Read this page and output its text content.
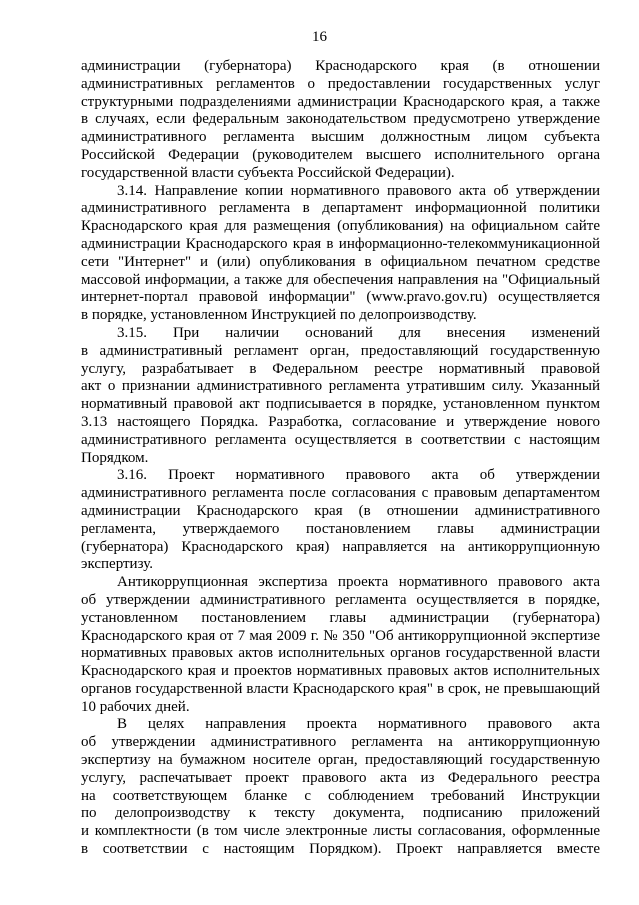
16
администрации (губернатора) Краснодарского края (в отношении
административных регламентов о предоставлении государственных услуг
структурными подразделениями администрации Краснодарского края, а также
в случаях, если федеральным законодательством предусмотрено утверждение
административного регламента высшим должностным лицом субъекта
Российской Федерации (руководителем высшего исполнительного органа
государственной власти субъекта Российской Федерации).
3.14. Направление копии нормативного правового акта об утверждении
административного регламента в департамент информационной политики
Краснодарского края для размещения (опубликования) на официальном сайте
администрации Краснодарского края в информационно-телекоммуникационной
сети "Интернет" и (или) опубликования в официальном печатном средстве
массовой информации, а также для обеспечения направления на "Официальный
интернет-портал правовой информации" (www.pravo.gov.ru) осуществляется
в порядке, установленном Инструкцией по делопроизводству.
3.15. При наличии оснований для внесения изменений
в административный регламент орган, предоставляющий государственную
услугу, разрабатывает в Федеральном реестре нормативный правовой
акт о признании административного регламента утратившим силу. Указанный
нормативный правовой акт подписывается в порядке, установленном пунктом
3.13 настоящего Порядка. Разработка, согласование и утверждение нового
административного регламента осуществляется в соответствии с настоящим
Порядком.
3.16. Проект нормативного правового акта об утверждении
административного регламента после согласования с правовым департаментом
администрации Краснодарского края (в отношении административного
регламента, утверждаемого постановлением главы администрации
(губернатора) Краснодарского края) направляется на антикоррупционную
экспертизу.
Антикоррупционная экспертиза проекта нормативного правового акта
об утверждении административного регламента осуществляется в порядке,
установленном постановлением главы администрации (губернатора)
Краснодарского края от 7 мая 2009 г. № 350 "Об антикоррупционной экспертизе
нормативных правовых актов исполнительных органов государственной власти
Краснодарского края и проектов нормативных правовых актов исполнительных
органов государственной власти Краснодарского края" в срок, не превышающий
10 рабочих дней.
В целях направления проекта нормативного правового акта
об утверждении административного регламента на антикоррупционную
экспертизу на бумажном носителе орган, предоставляющий государственную
услугу, распечатывает проект правового акта из Федерального реестра
на соответствующем бланке с соблюдением требований Инструкции
по делопроизводству к тексту документа, подписанию приложений
и комплектности (в том числе электронные листы согласования, оформленные
в соответствии с настоящим Порядком). Проект направляется вместе
